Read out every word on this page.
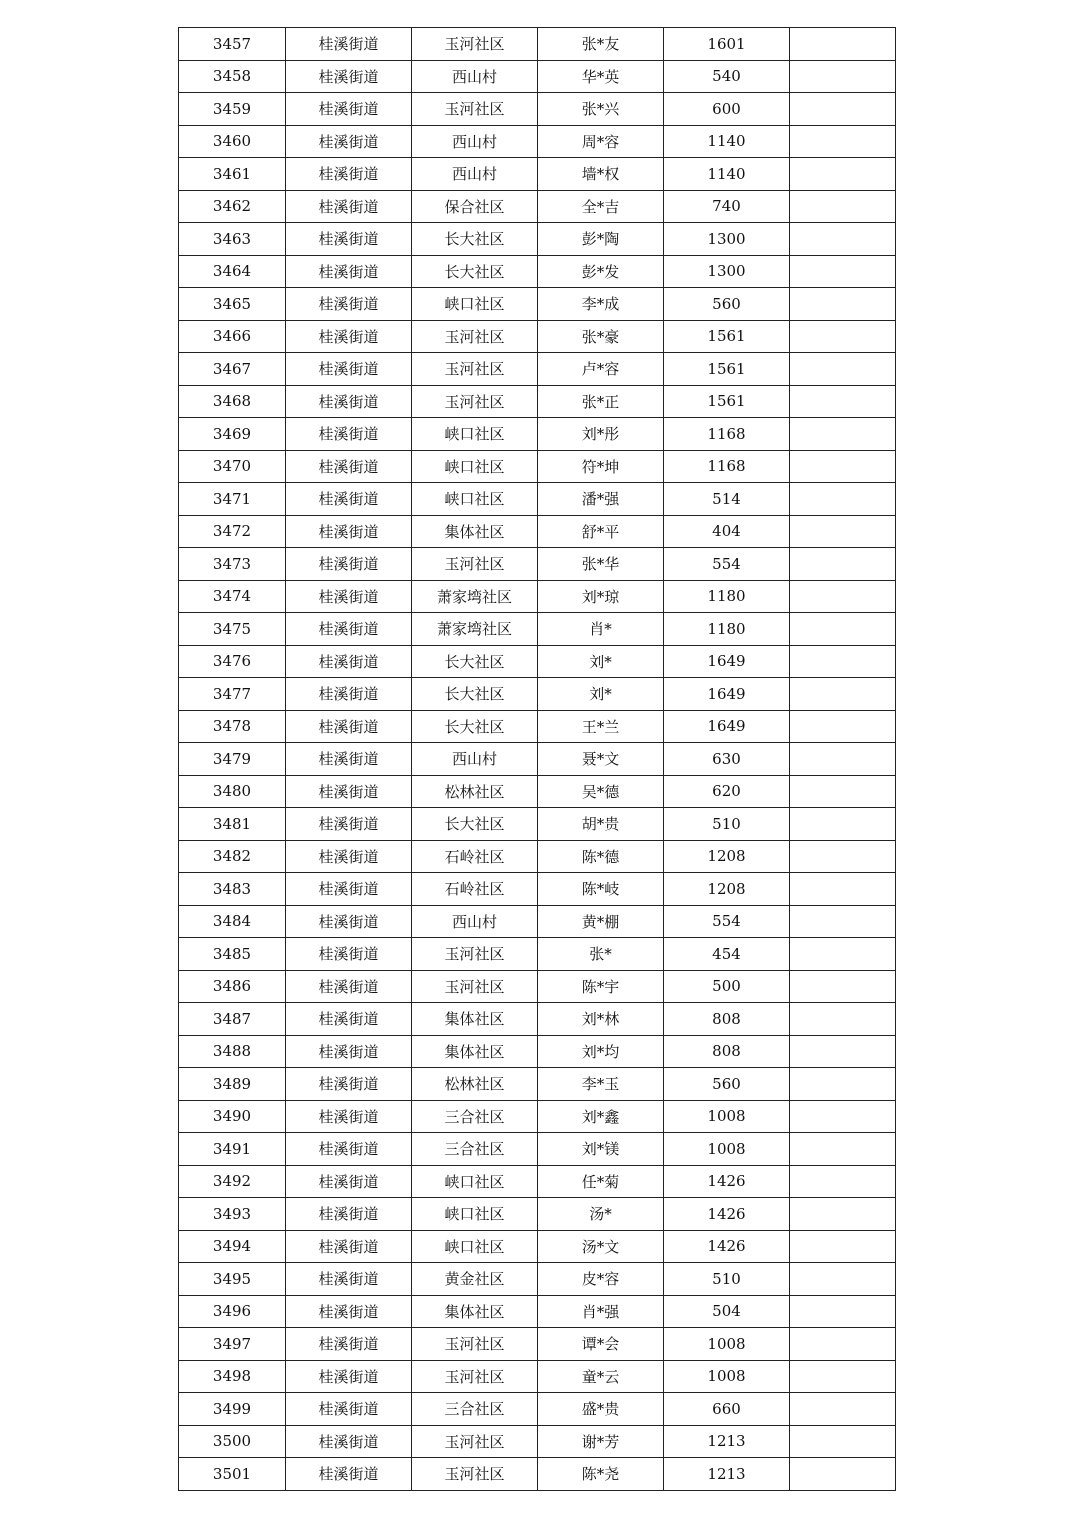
3457	桂溪街道	玉河社区	张*友	1601	
3458	桂溪街道	西山村	华*英	540	
3459	桂溪街道	玉河社区	张*兴	600	
3460	桂溪街道	西山村	周*容	1140	
3461	桂溪街道	西山村	墙*权	1140	
3462	桂溪街道	保合社区	全*吉	740	
3463	桂溪街道	长大社区	彭*陶	1300	
3464	桂溪街道	长大社区	彭*发	1300	
3465	桂溪街道	峡口社区	李*成	560	
3466	桂溪街道	玉河社区	张*豪	1561	
3467	桂溪街道	玉河社区	卢*容	1561	
3468	桂溪街道	玉河社区	张*正	1561	
3469	桂溪街道	峡口社区	刘*彤	1168	
3470	桂溪街道	峡口社区	符*坤	1168	
3471	桂溪街道	峡口社区	潘*强	514	
3472	桂溪街道	集体社区	舒*平	404	
3473	桂溪街道	玉河社区	张*华	554	
3474	桂溪街道	萧家塆社区	刘*琼	1180	
3475	桂溪街道	萧家塆社区	肖*	1180	
3476	桂溪街道	长大社区	刘*	1649	
3477	桂溪街道	长大社区	刘*	1649	
3478	桂溪街道	长大社区	王*兰	1649	
3479	桂溪街道	西山村	聂*文	630	
3480	桂溪街道	松林社区	吴*德	620	
3481	桂溪街道	长大社区	胡*贵	510	
3482	桂溪街道	石岭社区	陈*德	1208	
3483	桂溪街道	石岭社区	陈*岐	1208	
3484	桂溪街道	西山村	黄*棚	554	
3485	桂溪街道	玉河社区	张*	454	
3486	桂溪街道	玉河社区	陈*宇	500	
3487	桂溪街道	集体社区	刘*林	808	
3488	桂溪街道	集体社区	刘*均	808	
3489	桂溪街道	松林社区	李*玉	560	
3490	桂溪街道	三合社区	刘*鑫	1008	
3491	桂溪街道	三合社区	刘*镁	1008	
3492	桂溪街道	峡口社区	任*菊	1426	
3493	桂溪街道	峡口社区	汤*	1426	
3494	桂溪街道	峡口社区	汤*文	1426	
3495	桂溪街道	黄金社区	皮*容	510	
3496	桂溪街道	集体社区	肖*强	504	
3497	桂溪街道	玉河社区	谭*会	1008	
3498	桂溪街道	玉河社区	童*云	1008	
3499	桂溪街道	三合社区	盛*贵	660	
3500	桂溪街道	玉河社区	谢*芳	1213	
3501	桂溪街道	玉河社区	陈*尧	1213	
